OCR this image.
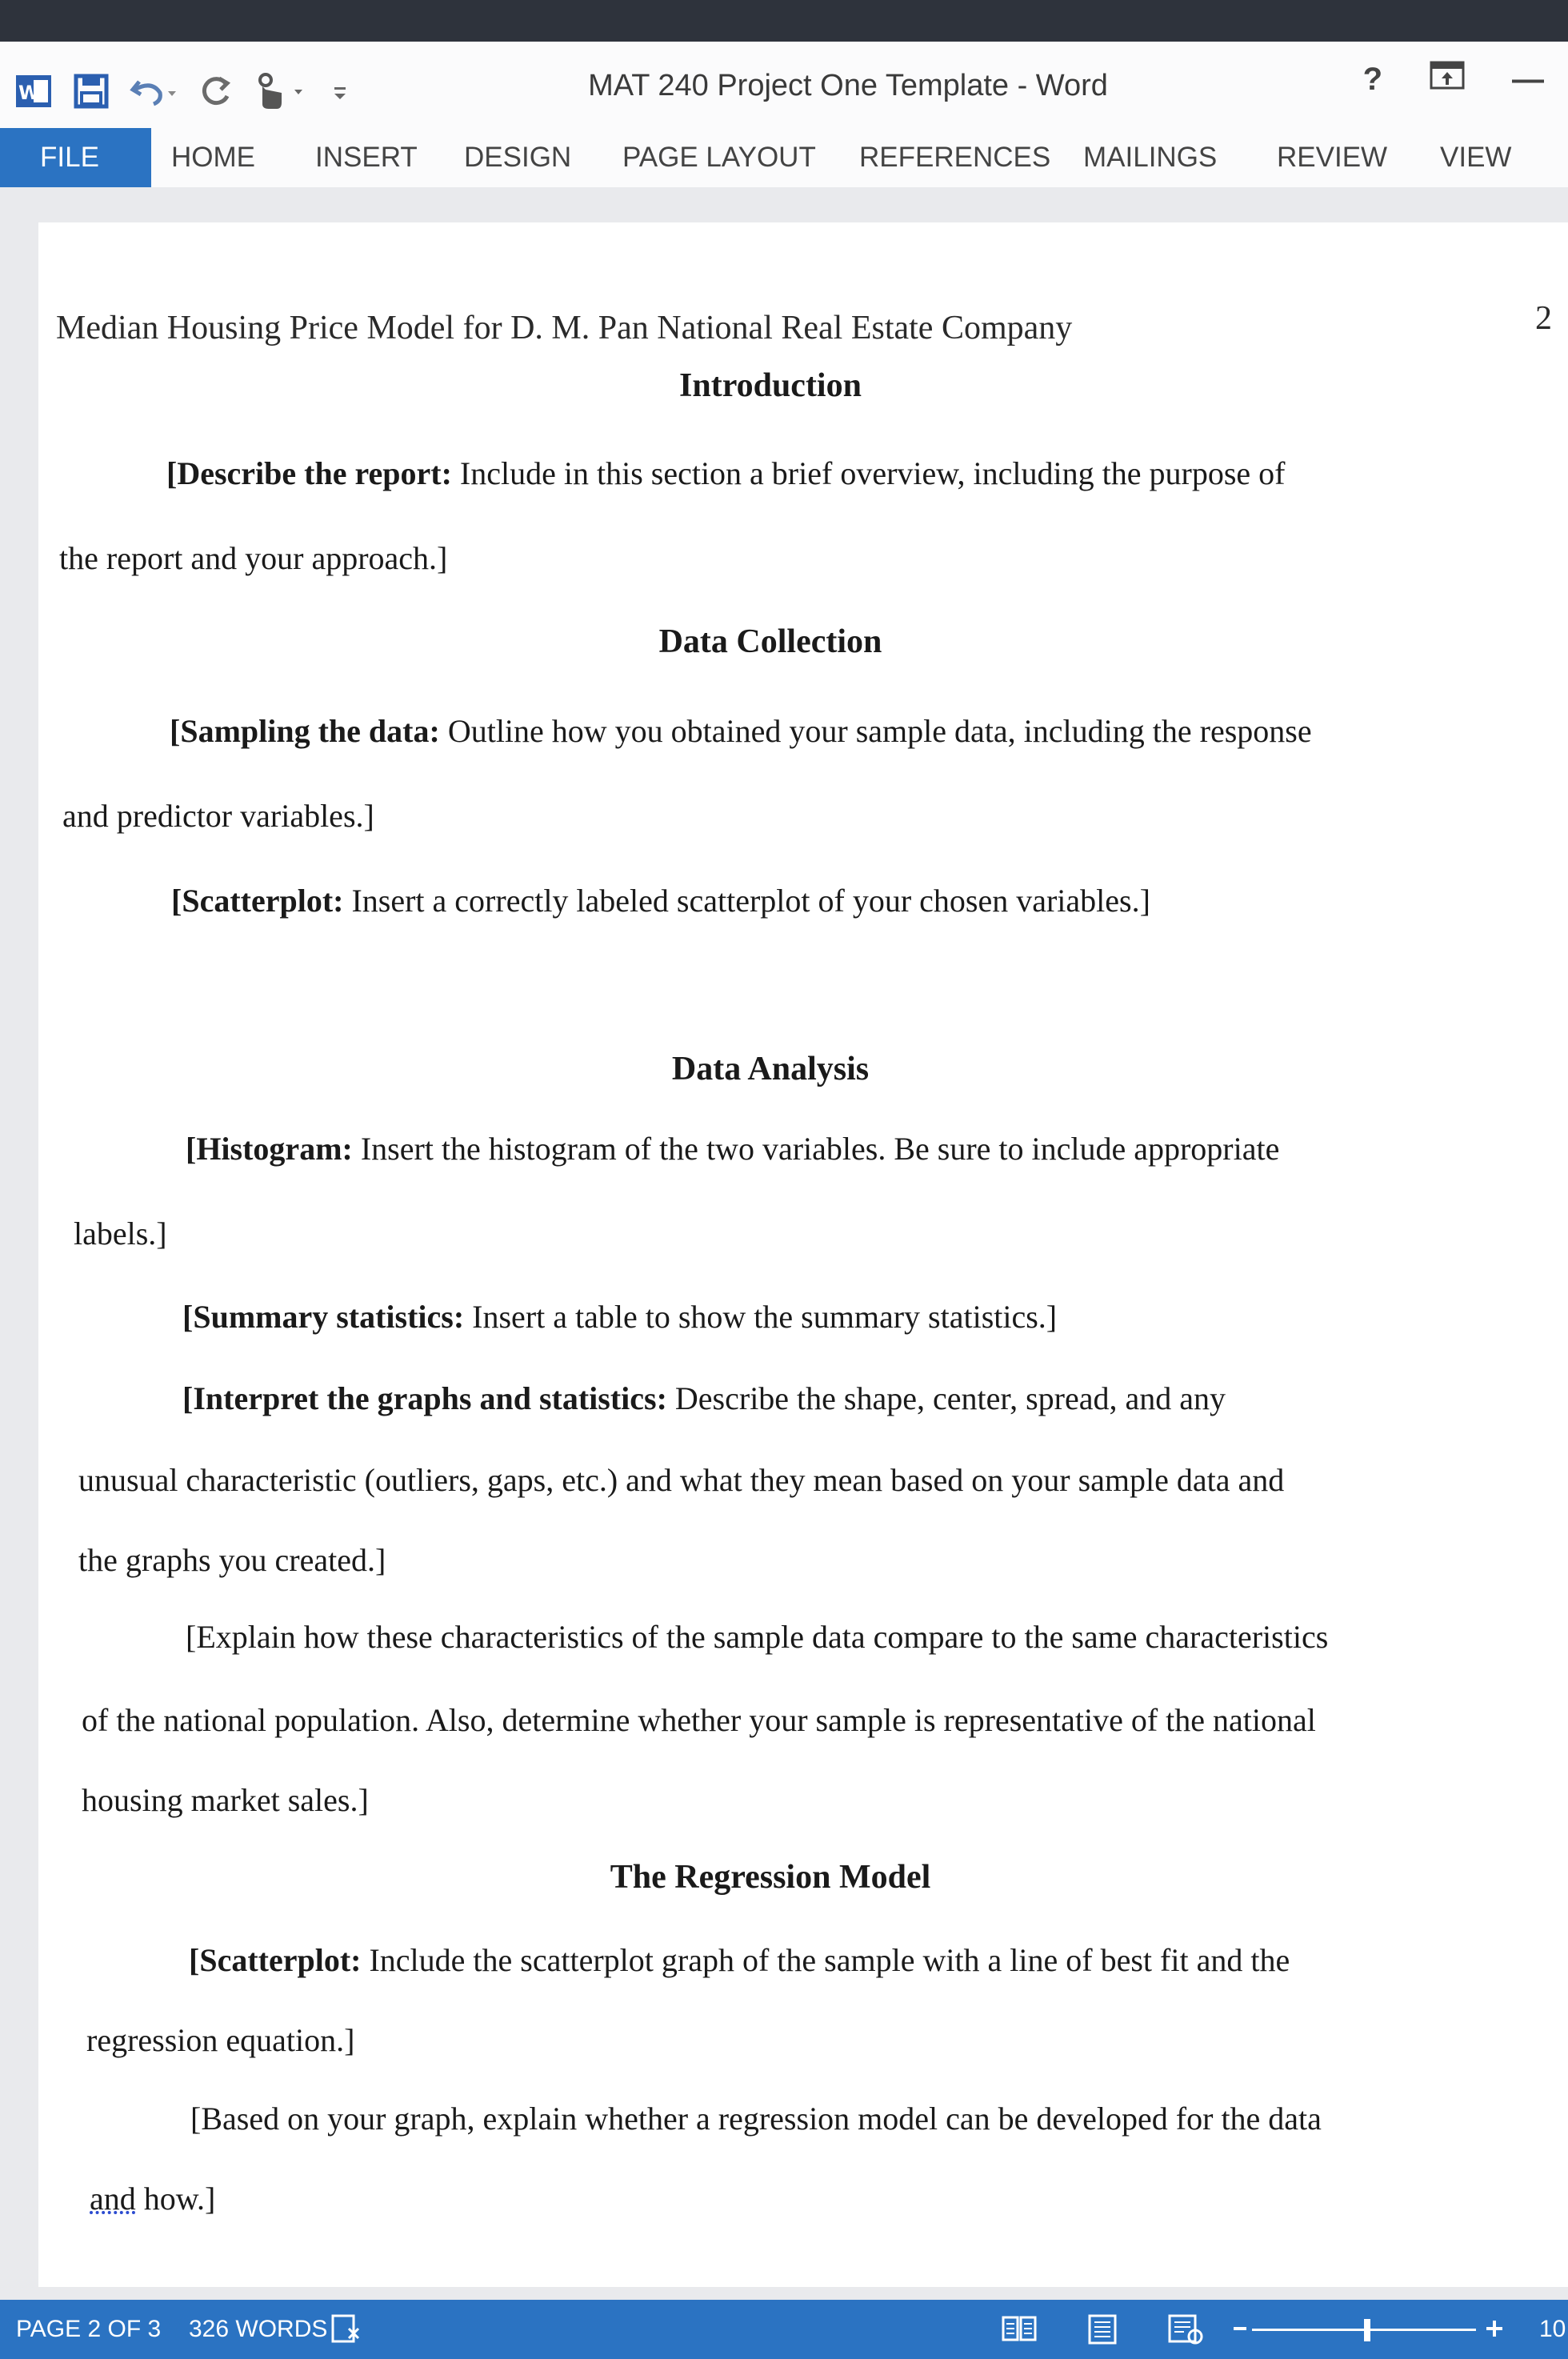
W	MAT 240 Project One Template - Word	?	—
FILE	HOME	INSERT	DESIGN	PAGE LAYOUT	REFERENCES	MAILINGS	REVIEW	VIEW
Median Housing Price Model for D. M. Pan National Real Estate Company	2
Introduction
[Describe the report: Include in this section a brief overview, including the purpose of
the report and your approach.]
Data Collection
[Sampling the data: Outline how you obtained your sample data, including the response
and predictor variables.]
[Scatterplot: Insert a correctly labeled scatterplot of your chosen variables.]
Data Analysis
[Histogram: Insert the histogram of the two variables. Be sure to include appropriate
labels.]
[Summary statistics: Insert a table to show the summary statistics.]
[Interpret the graphs and statistics: Describe the shape, center, spread, and any
unusual characteristic (outliers, gaps, etc.) and what they mean based on your sample data and
the graphs you created.]
[Explain how these characteristics of the sample data compare to the same characteristics
of the national population. Also, determine whether your sample is representative of the national
housing market sales.]
The Regression Model
[Scatterplot: Include the scatterplot graph of the sample with a line of best fit and the
regression equation.]
[Based on your graph, explain whether a regression model can be developed for the data
and how.]
PAGE 2 OF 3 326 WORDS	10
